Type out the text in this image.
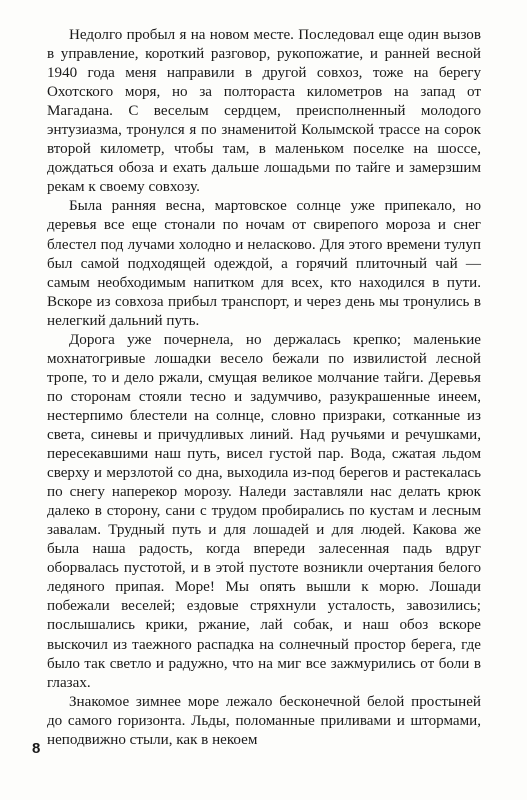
Недолго пробыл я на новом месте. Последовал еще один вызов в управление, короткий разговор, рукопожатие, и ранней весной 1940 года меня направили в другой совхоз, тоже на берегу Охотского моря, но за полтораста километров на запад от Магадана. С веселым сердцем, преисполненный молодого энтузиазма, тронулся я по знаменитой Колымской трассе на сорок второй километр, чтобы там, в маленьком поселке на шоссе, дождаться обоза и ехать дальше лошадьми по тайге и замерзшим рекам к своему совхозу.

Была ранняя весна, мартовское солнце уже припекало, но деревья все еще стонали по ночам от свирепого мороза и снег блестел под лучами холодно и неласково. Для этого времени тулуп был самой подходящей одеждой, а горячий плиточный чай — самым необходимым напитком для всех, кто находился в пути. Вскоре из совхоза прибыл транспорт, и через день мы тронулись в нелегкий дальний путь.

Дорога уже почернела, но держалась крепко; маленькие мохнатогривые лошадки весело бежали по извилистой лесной тропе, то и дело ржали, смущая великое молчание тайги. Деревья по сторонам стояли тесно и задумчиво, разукрашенные инеем, нестерпимо блестели на солнце, словно призраки, сотканные из света, синевы и причудливых линий. Над ручьями и речушками, пересекавшими наш путь, висел густой пар. Вода, сжатая льдом сверху и мерзлотой со дна, выходила из-под берегов и растекалась по снегу наперекор морозу. Наледи заставляли нас делать крюк далеко в сторону, сани с трудом пробирались по кустам и лесным завалам. Трудный путь и для лошадей и для людей. Какова же была наша радость, когда впереди залесенная падь вдруг оборвалась пустотой, и в этой пустоте возникли очертания белого ледяного припая. Море! Мы опять вышли к морю. Лошади побежали веселей; ездовые стряхнули усталость, завозились; послышались крики, ржание, лай собак, и наш обоз вскоре выскочил из таежного распадка на солнечный простор берега, где было так светло и радужно, что на миг все зажмурились от боли в глазах.

Знакомое зимнее море лежало бесконечной белой простыней до самого горизонта. Льды, поломанные приливами и штормами, неподвижно стыли, как в некоем

8
